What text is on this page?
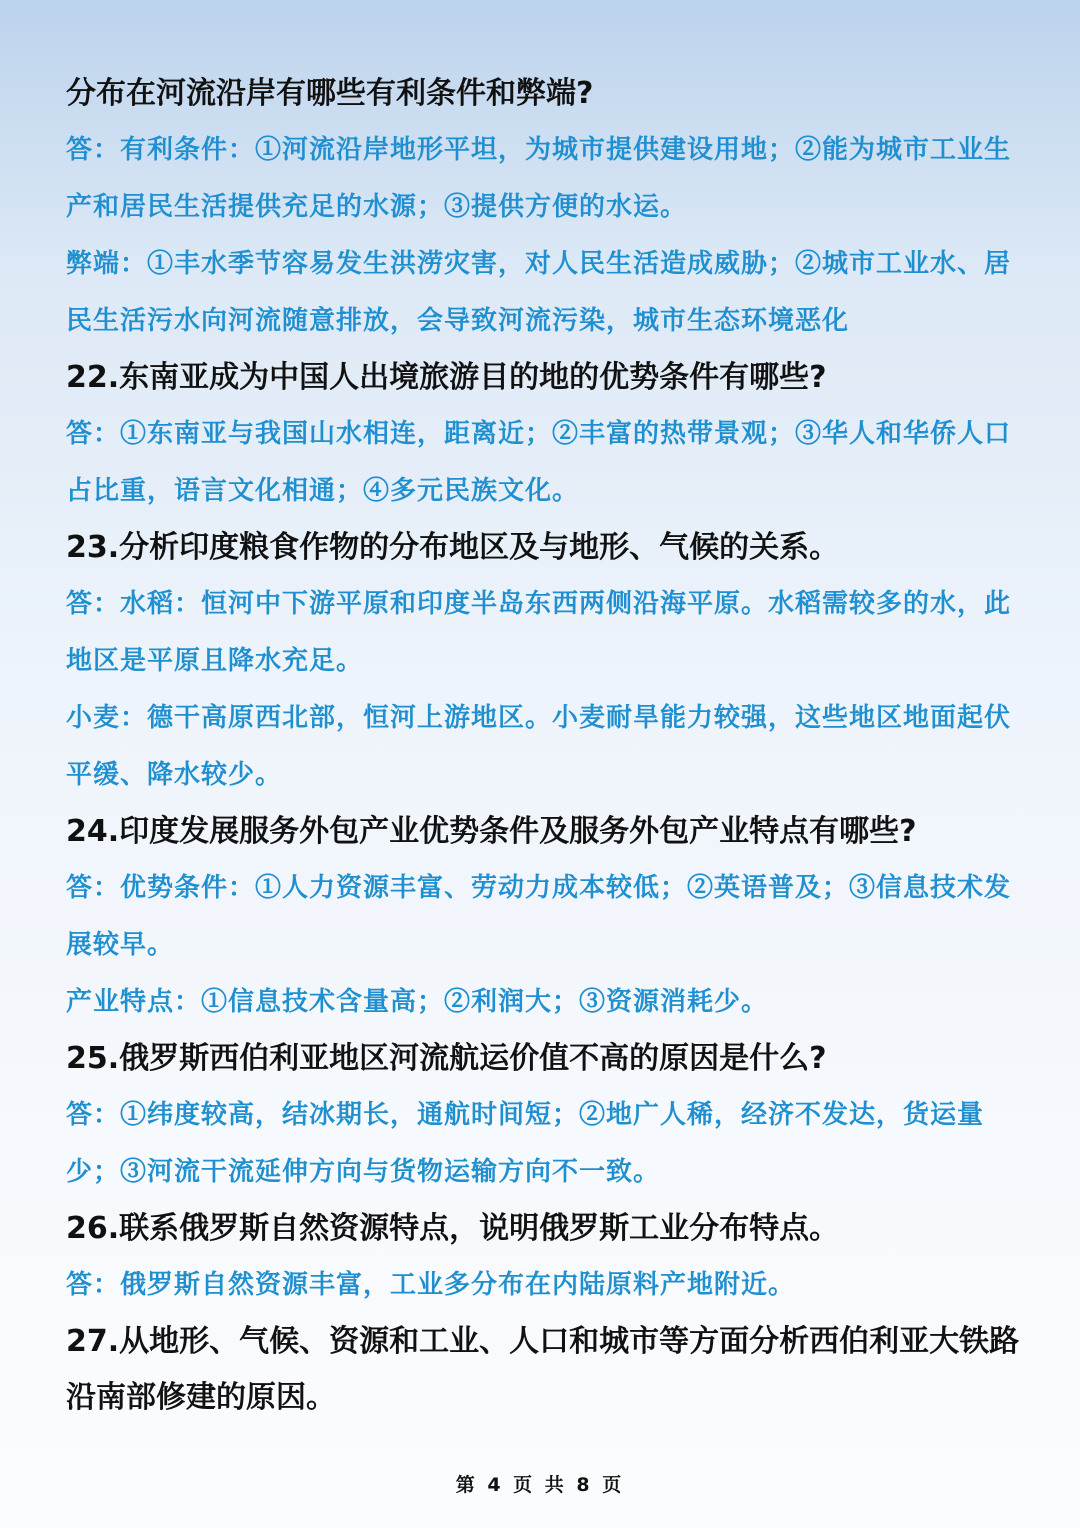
分布在河流沿岸有哪些有利条件和弊端?

答：有利条件：①河流沿岸地形平坦，为城市提供建设用地；②能为城市工业生产和居民生活提供充足的水源；③提供方便的水运。

弊端：①丰水季节容易发生洪涝灾害，对人民生活造成威胁；②城市工业水、居民生活污水向河流随意排放，会导致河流污染，城市生态环境恶化

22.东南亚成为中国人出境旅游目的地的优势条件有哪些?

答：①东南亚与我国山水相连，距离近；②丰富的热带景观；③华人和华侨人口占比重，语言文化相通；④多元民族文化。

23.分析印度粮食作物的分布地区及与地形、气候的关系。

答：水稻：恒河中下游平原和印度半岛东西两侧沿海平原。水稻需较多的水，此地区是平原且降水充足。

小麦：德干高原西北部，恒河上游地区。小麦耐旱能力较强，这些地区地面起伏平缓、降水较少。

24.印度发展服务外包产业优势条件及服务外包产业特点有哪些?

答：优势条件：①人力资源丰富、劳动力成本较低；②英语普及；③信息技术发展较早。

产业特点：①信息技术含量高；②利润大；③资源消耗少。

25.俄罗斯西伯利亚地区河流航运价值不高的原因是什么?

答：①纬度较高，结冰期长，通航时间短；②地广人稀，经济不发达，货运量少；③河流干流延伸方向与货物运输方向不一致。

26.联系俄罗斯自然资源特点，说明俄罗斯工业分布特点。

答：俄罗斯自然资源丰富，工业多分布在内陆原料产地附近。

27.从地形、气候、资源和工业、人口和城市等方面分析西伯利亚大铁路沿南部修建的原因。

第 4 页 共 8 页
